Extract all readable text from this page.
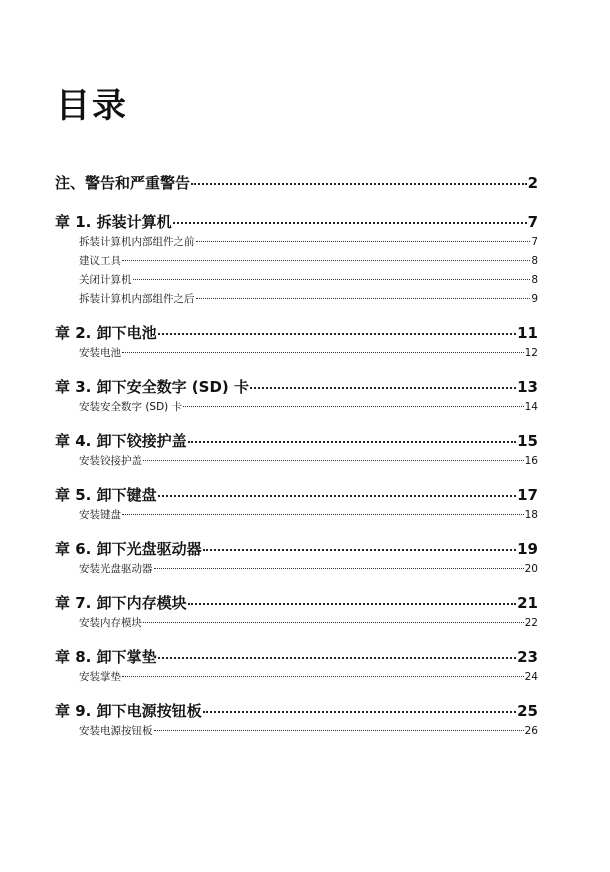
目录
注、警告和严重警告	2
章 1. 拆装计算机	7
拆装计算机内部组件之前	7
建议工具	8
关闭计算机	8
拆装计算机内部组件之后	9
章 2. 卸下电池	11
安装电池	12
章 3. 卸下安全数字 (SD) 卡	13
安装安全数字 (SD) 卡	14
章 4. 卸下铰接护盖	15
安装铰接护盖	16
章 5. 卸下键盘	17
安装键盘	18
章 6. 卸下光盘驱动器	19
安装光盘驱动器	20
章 7. 卸下内存模块	21
安装内存模块	22
章 8. 卸下掌垫	23
安装掌垫	24
章 9. 卸下电源按钮板	25
安装电源按钮板	26
